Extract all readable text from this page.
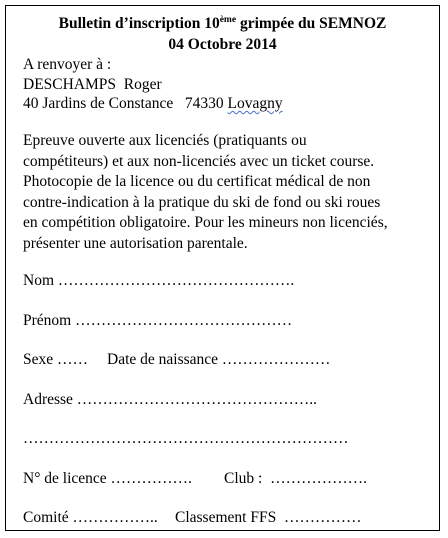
Bulletin d’inscription 10ème grimpée du SEMNOZ
04 Octobre 2014
A renvoyer à :
DESCHAMPS  Roger
40 Jardins de Constance   74330 Lovagny
Epreuve ouverte aux licenciés (pratiquants ou
compétiteurs) et aux non-licenciés avec un ticket course.
Photocopie de la licence ou du certificat médical de non
contre-indication à la pratique du ski de fond ou ski roues
en compétition obligatoire. Pour les mineurs non licenciés,
présenter une autorisation parentale.
Nom ……………………………………….
Prénom ……………………………………
Sexe …… Date de naissance …………………
Adresse ………………………………………..
………………………………………………………
N° de licence ……………. Club :  ……………….
Comité …………….. Classement FFS  ……………
